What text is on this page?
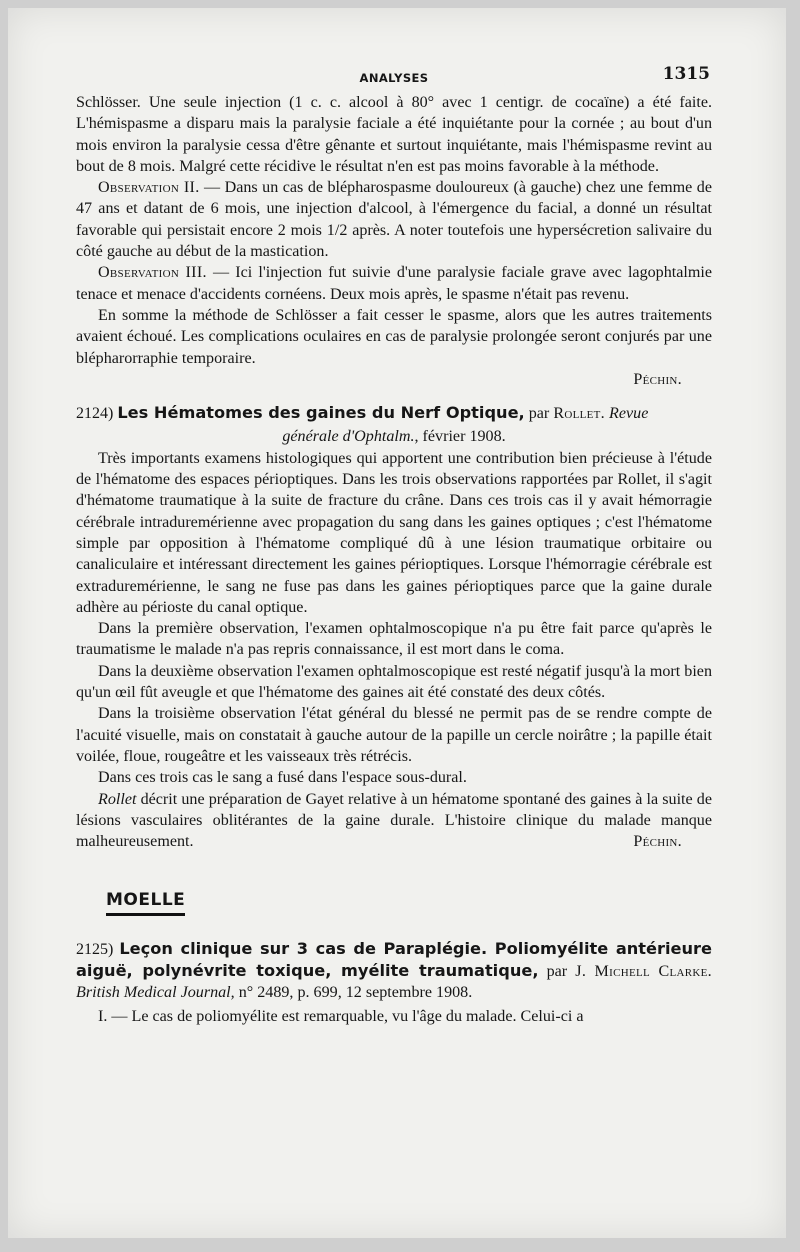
ANALYSES	1315

Schlösser. Une seule injection (1 c. c. alcool à 80° avec 1 centigr. de cocaïne) a été faite. L'hémispasme a disparu mais la paralysie faciale a été inquiétante pour la cornée ; au bout d'un mois environ la paralysie cessa d'être gênante et surtout inquiétante, mais l'hémispasme revint au bout de 8 mois. Malgré cette récidive le résultat n'en est pas moins favorable à la méthode.

Observation II. — Dans un cas de blépharospasme douloureux (à gauche) chez une femme de 47 ans et datant de 6 mois, une injection d'alcool, à l'émergence du facial, a donné un résultat favorable qui persistait encore 2 mois 1/2 après. A noter toutefois une hypersécretion salivaire du côté gauche au début de la mastication.

Observation III. — Ici l'injection fut suivie d'une paralysie faciale grave avec lagophtalmie tenace et menace d'accidents cornéens. Deux mois après, le spasme n'était pas revenu.

En somme la méthode de Schlösser a fait cesser le spasme, alors que les autres traitements avaient échoué. Les complications oculaires en cas de paralysie prolongée seront conjurés par une blépharorraphie temporaire.

Péchin.

2124) Les Hématomes des gaines du Nerf Optique, par Rollet. Revue

générale d'Ophtalm., février 1908.

Très importants examens histologiques qui apportent une contribution bien précieuse à l'étude de l'hématome des espaces périoptiques. Dans les trois observations rapportées par Rollet, il s'agit d'hématome traumatique à la suite de fracture du crâne. Dans ces trois cas il y avait hémorragie cérébrale intraduremérienne avec propagation du sang dans les gaines optiques ; c'est l'hématome simple par opposition à l'hématome compliqué dû à une lésion traumatique orbitaire ou canaliculaire et intéressant directement les gaines périoptiques. Lorsque l'hémorragie cérébrale est extraduremérienne, le sang ne fuse pas dans les gaines périoptiques parce que la gaine durale adhère au périoste du canal optique.

Dans la première observation, l'examen ophtalmoscopique n'a pu être fait parce qu'après le traumatisme le malade n'a pas repris connaissance, il est mort dans le coma.

Dans la deuxième observation l'examen ophtalmoscopique est resté négatif jusqu'à la mort bien qu'un œil fût aveugle et que l'hématome des gaines ait été constaté des deux côtés.

Dans la troisième observation l'état général du blessé ne permit pas de se rendre compte de l'acuité visuelle, mais on constatait à gauche autour de la papille un cercle noirâtre ; la papille était voilée, floue, rougeâtre et les vaisseaux très rétrécis.

Dans ces trois cas le sang a fusé dans l'espace sous-dural.

Rollet décrit une préparation de Gayet relative à un hématome spontané des gaines à la suite de lésions vasculaires oblitérantes de la gaine durale. L'histoire clinique du malade manque malheureusement.	Péchin.

MOELLE

2125) Leçon clinique sur 3 cas de Paraplégie. Poliomyélite antérieure aiguë, polynévrite toxique, myélite traumatique, par J. Michell Clarke. British Medical Journal, n° 2489, p. 699, 12 septembre 1908.

I. — Le cas de poliomyélite est remarquable, vu l'âge du malade. Celui-ci a
